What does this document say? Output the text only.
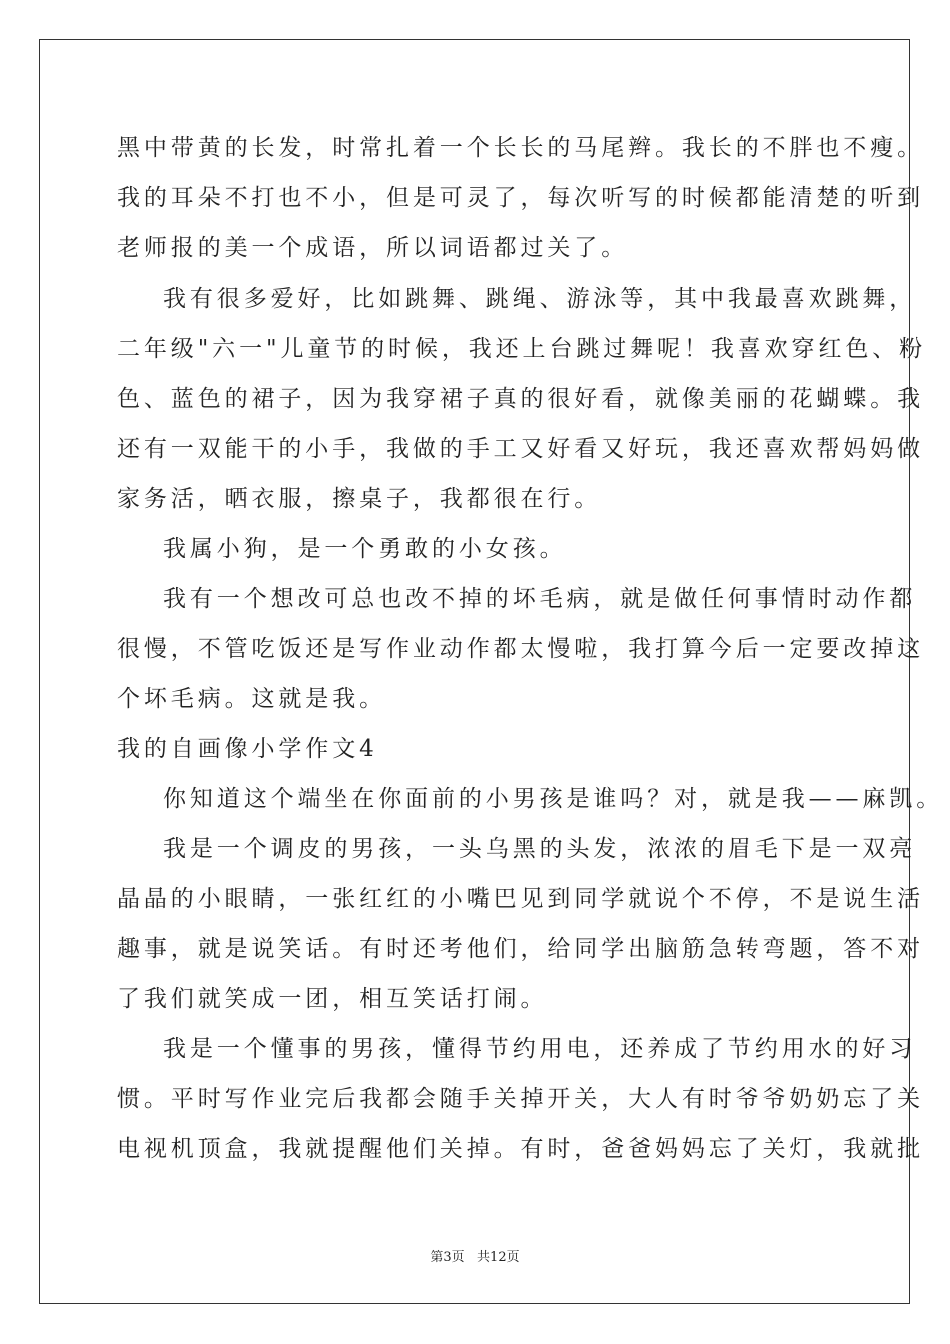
黑中带黄的长发，时常扎着一个长长的马尾辫。我长的不胖也不瘦。
我的耳朵不打也不小，但是可灵了，每次听写的时候都能清楚的听到
老师报的美一个成语，所以词语都过关了。
我有很多爱好，比如跳舞、跳绳、游泳等，其中我最喜欢跳舞，
二年级"六一"儿童节的时候，我还上台跳过舞呢！我喜欢穿红色、粉
色、蓝色的裙子，因为我穿裙子真的很好看，就像美丽的花蝴蝶。我
还有一双能干的小手，我做的手工又好看又好玩，我还喜欢帮妈妈做
家务活，晒衣服，擦桌子，我都很在行。
我属小狗，是一个勇敢的小女孩。
我有一个想改可总也改不掉的坏毛病，就是做任何事情时动作都
很慢，不管吃饭还是写作业动作都太慢啦，我打算今后一定要改掉这
个坏毛病。这就是我。
我的自画像小学作文4
你知道这个端坐在你面前的小男孩是谁吗？对，就是我——麻凯。
我是一个调皮的男孩，一头乌黑的头发，浓浓的眉毛下是一双亮
晶晶的小眼睛，一张红红的小嘴巴见到同学就说个不停，不是说生活
趣事，就是说笑话。有时还考他们，给同学出脑筋急转弯题，答不对
了我们就笑成一团，相互笑话打闹。
我是一个懂事的男孩，懂得节约用电，还养成了节约用水的好习
惯。平时写作业完后我都会随手关掉开关，大人有时爷爷奶奶忘了关
电视机顶盒，我就提醒他们关掉。有时，爸爸妈妈忘了关灯，我就批
第3页   共12页
